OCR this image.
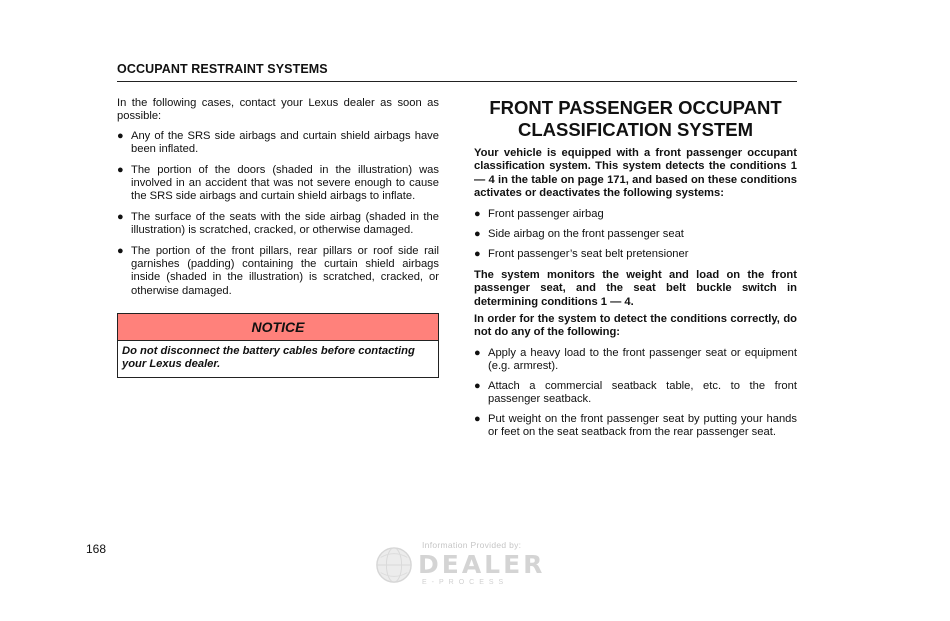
OCCUPANT RESTRAINT SYSTEMS

In the following cases, contact your Lexus dealer as soon as possible:

● Any of the SRS side airbags and curtain shield airbags have been inflated.
● The portion of the doors (shaded in the illustration) was involved in an accident that was not severe enough to cause the SRS side airbags and curtain shield airbags to inflate.
● The surface of the seats with the side airbag (shaded in the illustration) is scratched, cracked, or otherwise damaged.
● The portion of the front pillars, rear pillars or roof side rail garnishes (padding) containing the curtain shield airbags inside (shaded in the illustration) is scratched, cracked, or otherwise damaged.
NOTICE
Do not disconnect the battery cables before contacting your Lexus dealer.
FRONT PASSENGER OCCUPANT
CLASSIFICATION SYSTEM

Your vehicle is equipped with a front passenger occupant classification system. This system detects the conditions 1 — 4 in the table on page 171, and based on these conditions activates or deactivates the following systems:

● Front passenger airbag
● Side airbag on the front passenger seat
● Front passenger’s seat belt pretensioner

The system monitors the weight and load on the front passenger seat, and the seat belt buckle switch in determining conditions 1 — 4.

In order for the system to detect the conditions correctly, do not do any of the following:

● Apply a heavy load to the front passenger seat or equipment (e.g. armrest).
● Attach a commercial seatback table, etc. to the front passenger seatback.
● Put weight on the front passenger seat by putting your hands or feet on the seat seatback from the rear passenger seat.
168	Information Provided by:
DEALER
E-PROCESS
